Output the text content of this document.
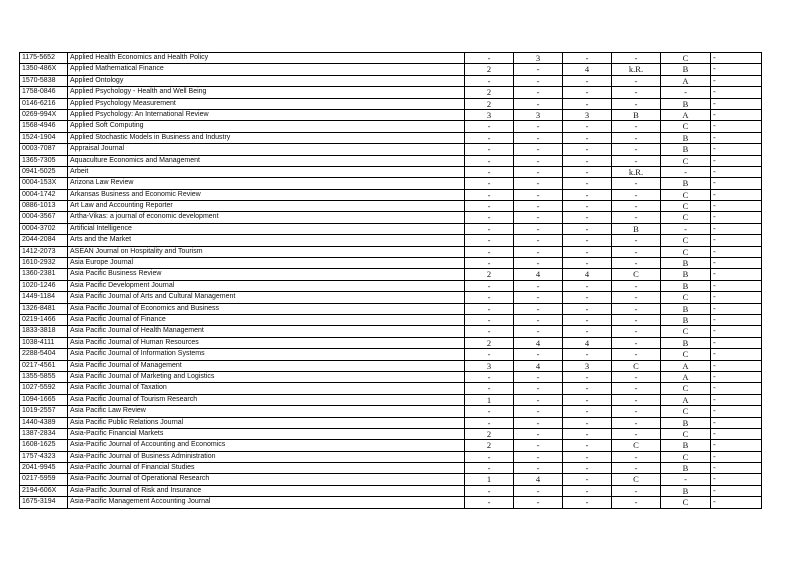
1175-5652	Applied Health Economics and Health Policy	-	3	-	-	C	-
1350-486X	Applied Mathematical Finance	2	-	4	k.R.	B	-
1570-5838	Applied Ontology	-	-	-	-	A	-
1758-0846	Applied Psychology - Health and Well Being	2	-	-	-	-	-
0146-6216	Applied Psychology Measurement	2	-	-	-	B	-
0269-994X	Applied Psychology: An International Review	3	3	3	B	A	-
1568-4946	Applied Soft Computing	-	-	-	-	C	-
1524-1904	Applied Stochastic Models in Business and Industry	-	-	-	-	B	-
0003-7087	Appraisal Journal	-	-	-	-	B	-
1365-7305	Aquaculture Economics and Management	-	-	-	-	C	-
0941-5025	Arbeit	-	-	-	k.R.	-	-
0004-153X	Arizona Law Review	-	-	-	-	B	-
0004-1742	Arkansas Business and Economic Review	-	-	-	-	C	-
0886-1013	Art Law and Accounting Reporter	-	-	-	-	C	-
0004-3567	Artha-Vikas: a journal of economic development	-	-	-	-	C	-
0004-3702	Artificial Intelligence	-	-	-	B	-	-
2044-2084	Arts and the Market	-	-	-	-	C	-
1412-2073	ASEAN Journal on Hospitality and Tourism	-	-	-	-	C	-
1610-2932	Asia Europe Journal	-	-	-	-	B	-
1360-2381	Asia Pacific Business Review	2	4	4	C	B	-
1020-1246	Asia Pacific Development Journal	-	-	-	-	B	-
1449-1184	Asia Pacific Journal of Arts and Cultural Management	-	-	-	-	C	-
1326-8481	Asia Pacific Journal of Economics and Business	-	-	-	-	B	-
0219-1466	Asia Pacific Journal of Finance	-	-	-	-	B	-
1833-3818	Asia Pacific Journal of Health Management	-	-	-	-	C	-
1038-4111	Asia Pacific Journal of Human Resources	2	4	4	-	B	-
2288-5404	Asia Pacific Journal of Information Systems	-	-	-	-	C	-
0217-4561	Asia Pacific Journal of Management	3	4	3	C	A	-
1355-5855	Asia Pacific Journal of Marketing and Logistics	-	-	-	-	A	-
1027-5592	Asia Pacific Journal of Taxation	-	-	-	-	C	-
1094-1665	Asia Pacific Journal of Tourism Research	1	-	-	-	A	-
1019-2557	Asia Pacific Law Review	-	-	-	-	C	-
1440-4389	Asia Pacific Public Relations Journal	-	-	-	-	B	-
1387-2834	Asia-Pacific Financial Markets	2	-	-	-	C	-
1608-1625	Asia-Pacific Journal of Accounting and Economics	2	-	-	C	B	-
1757-4323	Asia-Pacific Journal of Business Administration	-	-	-	-	C	-
2041-9945	Asia-Pacific Journal of Financial Studies	-	-	-	-	B	-
0217-5959	Asia-Pacific Journal of Operational Research	1	4	-	C	-	-
2194-606X	Asia-Pacific Journal of Risk and Insurance	-	-	-	-	B	-
1675-3194	Asia-Pacific Management Accounting Journal	-	-	-	-	C	-
